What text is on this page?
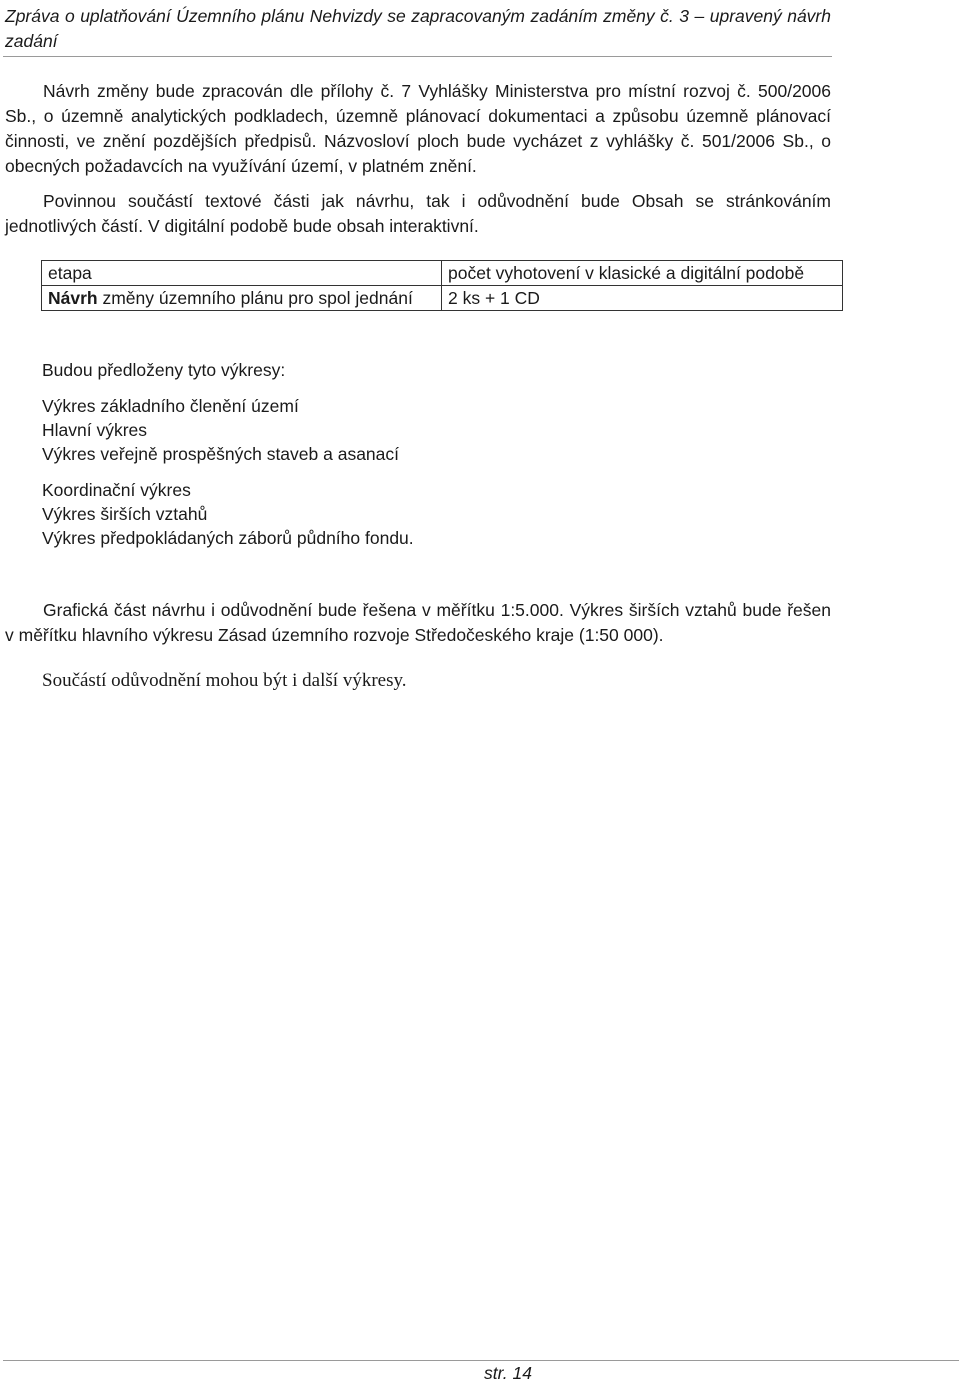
Zpráva o uplatňování Územního plánu Nehvizdy se zapracovaným zadáním změny č. 3 – upravený návrh zadání
Návrh změny bude zpracován dle přílohy č. 7 Vyhlášky Ministerstva pro místní rozvoj č. 500/2006 Sb., o územně analytických podkladech, územně plánovací dokumentaci a způsobu územně plánovací činnosti, ve znění pozdějších předpisů. Názvosloví ploch bude vycházet z vyhlášky č. 501/2006 Sb., o obecných požadavcích na využívání území, v platném znění.
Povinnou součástí textové části jak návrhu, tak i odůvodnění bude Obsah se stránkováním jednotlivých částí. V digitální podobě bude obsah interaktivní.
etapa	počet vyhotovení v klasické a digitální podobě
Návrh změny územního plánu pro spol jednání	2 ks + 1 CD
Budou předloženy tyto výkresy:
Výkres základního členění území
Hlavní výkres
Výkres veřejně prospěšných staveb a asanací
Koordinační výkres
Výkres širších vztahů
Výkres předpokládaných záborů půdního fondu.
Grafická část návrhu i odůvodnění bude řešena v měřítku 1:5.000. Výkres širších vztahů bude řešen v měřítku hlavního výkresu Zásad územního rozvoje Středočeského kraje (1:50 000).
Součástí odůvodnění mohou být i další výkresy.
str. 14
